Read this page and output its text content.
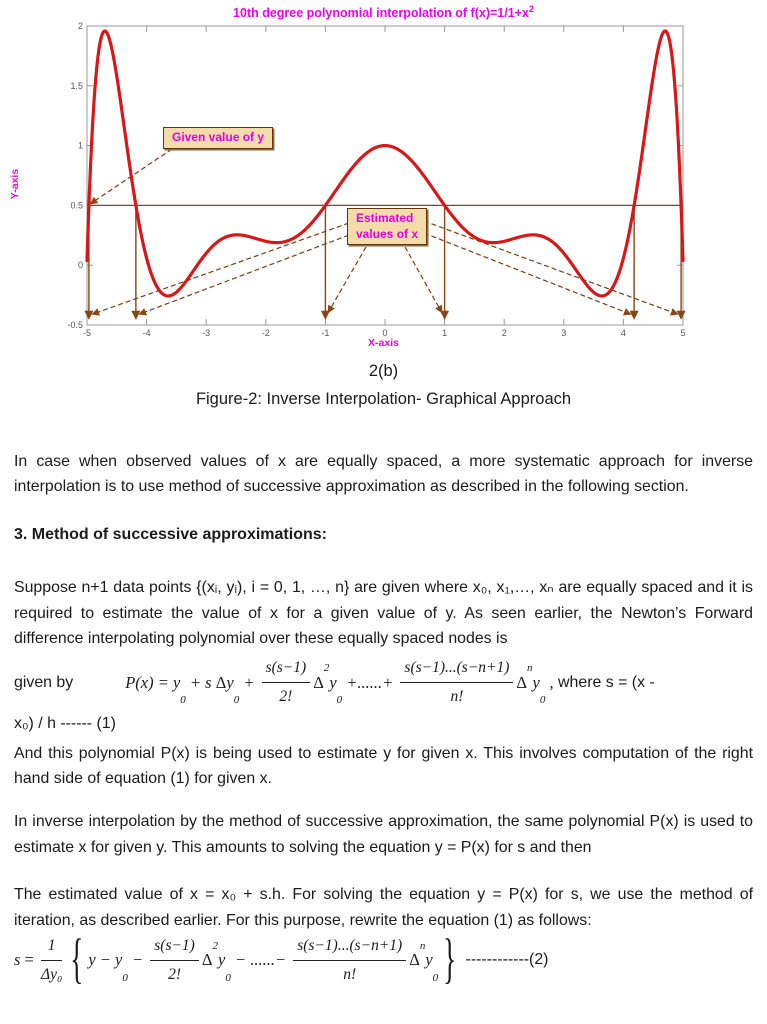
-5	-4	-3	-2	-1	0	1	2	3	4	5
-0.5
0
0.5
1
1.5
2
10th degree polynomial interpolation of $f(x)=1/1+x^2$
Y-axis
X-axis
Given value of y
Estimated
values of x
2(b)
Figure-2: Inverse Interpolation- Graphical Approach

In case when observed values of x are equally spaced, a more systematic approach for inverse interpolation is to use method of successive approximation as described in the following section.

3. Method of successive approximations:

Suppose n+1 data points {(xᵢ, yᵢ), i = 0, 1, …, n} are given where x₀, x₁,…, xₙ are equally spaced and it is required to estimate the value of x for a given value of y. As seen earlier, the Newton’s Forward difference interpolating polynomial over these equally spaced nodes is

given by	P(x) = y
0
+ s Δ y
0
+ $\frac{s(s-1)}{2!}$ Δ
2
y
0
+......+ $\frac{s(s-1)...(s-n+1)}{n!}$ Δ
n
y
0
, where s = (x -

x₀) / h ------ (1)

And this polynomial P(x) is being used to estimate y for given x. This involves computation of the right hand side of equation (1) for given x.

In inverse interpolation by the method of successive approximation, the same polynomial P(x) is used to estimate x for given y. This amounts to solving the equation y = P(x) for s and then

The estimated value of x = x₀ + s.h. For solving the equation y = P(x) for s, we use the method of iteration, as described earlier. For this purpose, rewrite the equation (1) as follows:

$s = \frac{1}{\text{Δy₀}}$ { y − y
0
− $\frac{s(s-1)}{2!}$ Δ
2
y
0
− ......− $\frac{s(s-1)...(s-n+1)}{n!}$ Δ
n
y
0 } ------------(2)
